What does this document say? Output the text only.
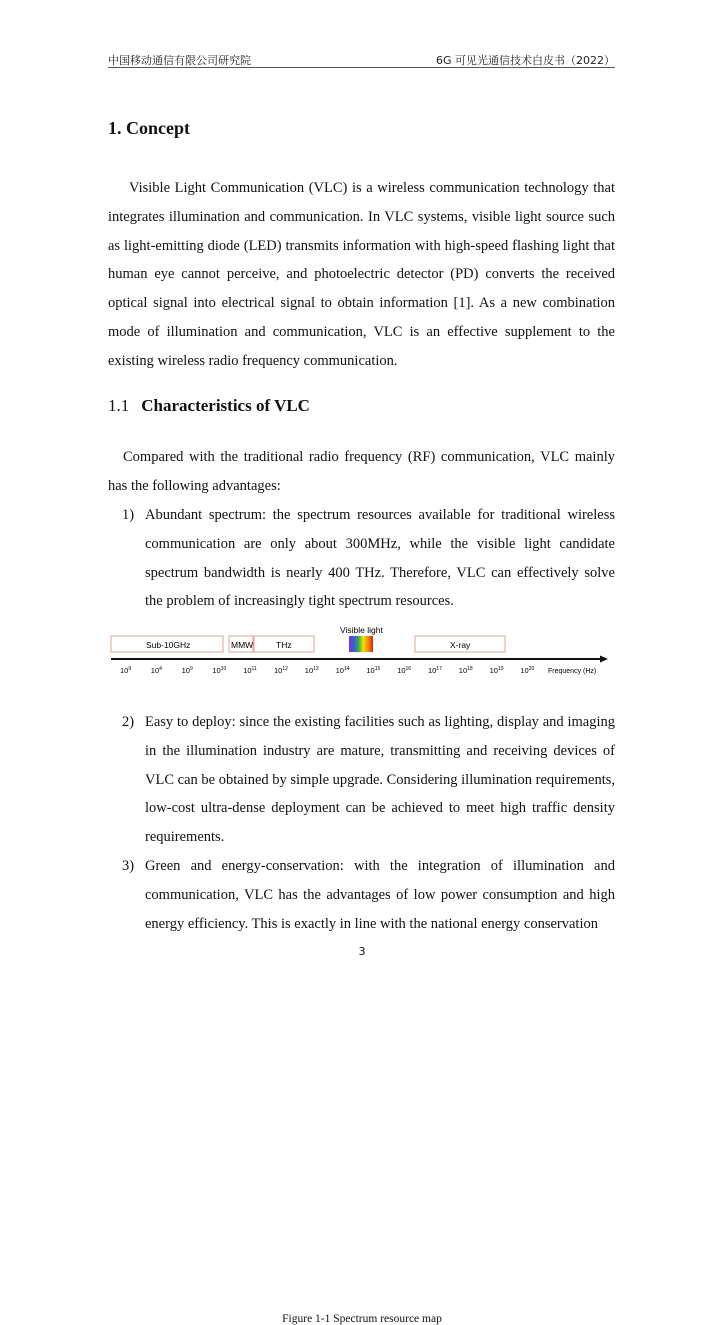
中国移动通信有限公司研究院	6G 可见光通信技术白皮书（2022）
1. Concept

Visible Light Communication (VLC) is a wireless communication technology that integrates illumination and communication. In VLC systems, visible light source such as light-emitting diode (LED) transmits information with high-speed flashing light that human eye cannot perceive, and photoelectric detector (PD) converts the received optical signal into electrical signal to obtain information [1]. As a new combination mode of illumination and communication, VLC is an effective supplement to the existing wireless radio frequency communication.

1.1 Characteristics of VLC

Compared with the traditional radio frequency (RF) communication, VLC mainly has the following advantages:

1) Abundant spectrum: the spectrum resources available for traditional wireless communication are only about 300MHz, while the visible light candidate spectrum bandwidth is nearly 400 THz. Therefore, VLC can effectively solve the problem of increasingly tight spectrum resources.
Sub-10GHz	MMW	THz
Visible light
X-ray
$10^9$	$10^4$	$10^9$	$10^{10}$ $10^{11}$ $10^{12}$ $10^{13}$ $10^{14}$ $10^{15}$ $10^{16}$ $10^{17}$ $10^{18}$ $10^{19}$ $10^{20}$ Frequency (Hz)
Figure 1-1 Spectrum resource map
2) Easy to deploy: since the existing facilities such as lighting, display and imaging in the illumination industry are mature, transmitting and receiving devices of VLC can be obtained by simple upgrade. Considering illumination requirements, low-cost ultra-dense deployment can be achieved to meet high traffic density requirements.
3) Green and energy-conservation: with the integration of illumination and communication, VLC has the advantages of low power consumption and high energy efficiency. This is exactly in line with the national energy conservation
3
